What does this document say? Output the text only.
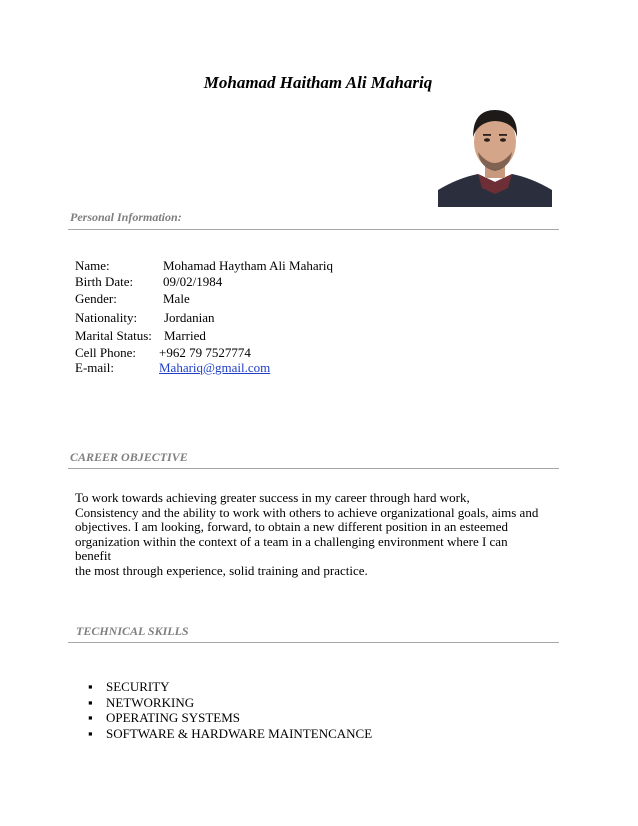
Mohamad Haitham Ali Mahariq
Personal Information:
Name:	Mohamad Haytham Ali Mahariq
Birth Date: 09/02/1984
Gender:	Male
Nationality: Jordanian
Marital Status: Married
Cell Phone: +962 79 7527774
E-mail:	Mahariq@gmail.com
CAREER OBJECTIVE
To work towards achieving greater success in my career through hard work,
Consistency and the ability to work with others to achieve organizational goals, aims and
objectives. I am looking, forward, to obtain a new different position in an esteemed
organization within the context of a team in a challenging environment where I can benefit
the most through experience, solid training and practice.
TECHNICAL SKILLS
▪ SECURITY
▪ NETWORKING
▪ OPERATING SYSTEMS
▪ SOFTWARE & HARDWARE MAINTENCANCE
